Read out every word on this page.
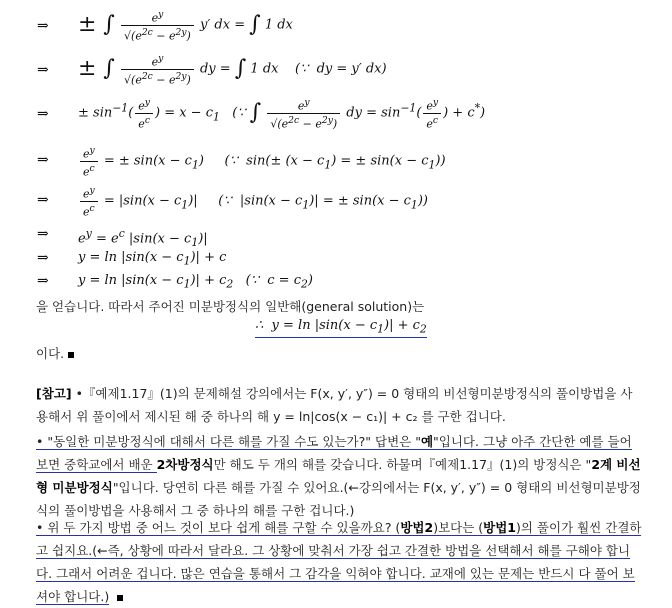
⇒ ± ∫ $\frac{e^y}{√(e^{2c} - e^{2y})} y'$ dx = ∫ 1 dx
⇒ ± ∫ $\frac{e^y}{√(e^{2c} - e^{2y})}$ dy = ∫ 1 dx    (∵  dy = y′ dx)
⇒ ± $\sin^{-1}( \frac{e^y}{e^c}$ ) = $x - c_1$   (∵ ∫ $\frac{e^y}{√(e^{2c} - e^{2y})}$ dy = $\sin^{-1}( \frac{e^y}{e^c}$ ) + c*)
⇒	$\frac{e^y}{e^c}$ = ± $\sin(x - c_1)$     (∵  $\sin(\pm (x - c_1)$ = ± $\sin(x - c_1)$)
⇒	$\frac{e^y}{e^c} = |\sin(x - c_1)|$     (∵  $|\sin(x - c_1)|$ = ± $\sin(x - c_1)$)
⇒ $e^y = e^c$ $|\sin(x - c_1)|$
⇒ $y = \ln |\sin(x - c_1)| + c$
⇒ $y = \ln |\sin(x - c_1)| + c_2$   (∵  $c = c_2$)
을 얻습니다. 따라서 주어진 미분방정식의 일반해(general solution)는
∴  $y = \ln |\sin(x - c_1)| + c_2$
이다.
[참고] •『예제1.17』(1)의 문제해설 강의에서는 F(x, y′, y″) = 0 형태의 비선형미분방정식의 풀이방법을 사용해서 위 풀이에서 제시된 해 중 하나의 해 y = ln|cos(x − c₁)| + c₂ 를 구한 겁니다.
• "동일한 미분방정식에 대해서 다른 해를 가질 수도 있는가?" 답변은 "예"입니다. 그냥 아주 간단한 예를 들어보면 중학교에서 배운 2차방정식만 해도 두 개의 해를 갖습니다. 하물며『예제1.17』(1)의 방정식은 "2계 비선형 미분방정식"입니다. 당연히 다른 해를 가질 수 있어요.(←강의에서는 F(x, y′, y″) = 0 형태의 비선형미분방정식의 풀이방법을 사용해서 그 중 하나의 해를 구한 겁니다.)
• 위 두 가지 방법 중 어느 것이 보다 쉽게 해를 구할 수 있을까요? (방법2)보다는 (방법1)의 풀이가 훨씬 간결하고 쉽지요.(←즉, 상황에 따라서 달라요. 그 상황에 맞춰서 가장 쉽고 간결한 방법을 선택해서 해를 구해야 합니다. 그래서 어려운 겁니다. 많은 연습을 통해서 그 감각을 익혀야 합니다. 교재에 있는 문제는 반드시 다 풀어 보셔야 합니다.)
